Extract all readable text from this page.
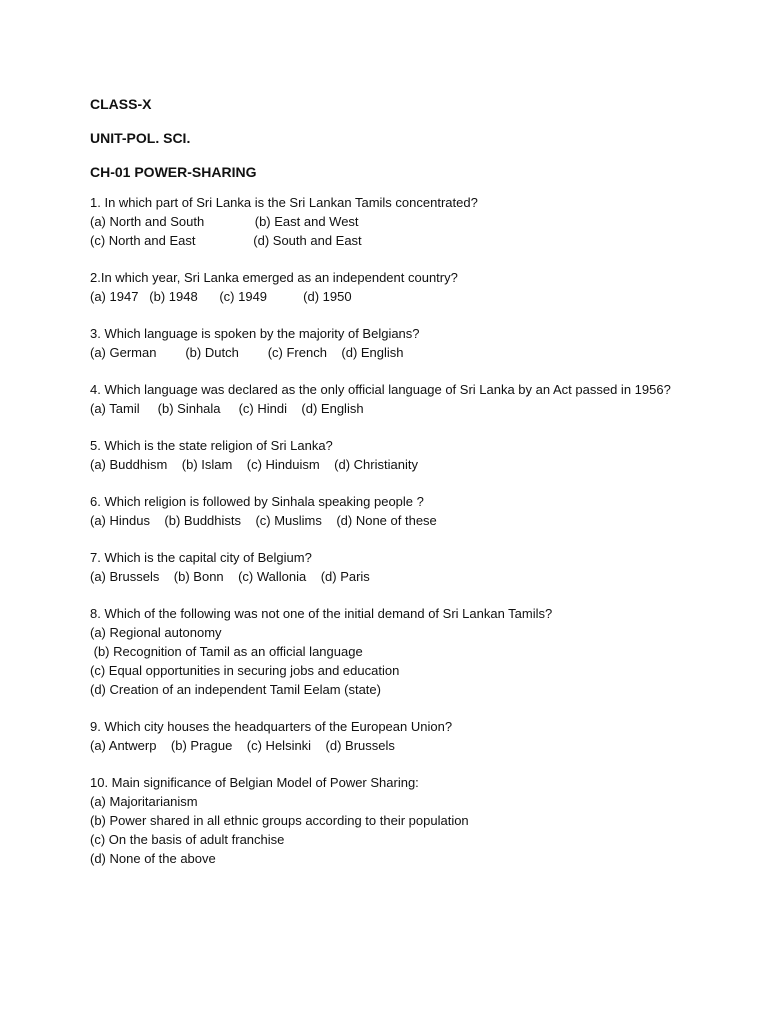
CLASS-X
UNIT-POL. SCI.
CH-01 POWER-SHARING
1. In which part of Sri Lanka is the Sri Lankan Tamils concentrated?
(a) North and South              (b) East and West
(c) North and East                (d) South and East
2.In which year, Sri Lanka emerged as an independent country?
(a) 1947   (b) 1948      (c) 1949          (d) 1950
3. Which language is spoken by the majority of Belgians?
(a) German        (b) Dutch        (c) French    (d) English
4. Which language was declared as the only official language of Sri Lanka by an Act passed in 1956?
(a) Tamil     (b) Sinhala     (c) Hindi    (d) English
5. Which is the state religion of Sri Lanka?
(a) Buddhism    (b) Islam    (c) Hinduism    (d) Christianity
6. Which religion is followed by Sinhala speaking people ?
(a) Hindus    (b) Buddhists    (c) Muslims    (d) None of these
7. Which is the capital city of Belgium?
(a) Brussels    (b) Bonn    (c) Wallonia    (d) Paris
8. Which of the following was not one of the initial demand of Sri Lankan Tamils?
(a) Regional autonomy
(b) Recognition of Tamil as an official language
(c) Equal opportunities in securing jobs and education
(d) Creation of an independent Tamil Eelam (state)
9. Which city houses the headquarters of the European Union?
(a) Antwerp    (b) Prague    (c) Helsinki    (d) Brussels
10. Main significance of Belgian Model of Power Sharing:
(a) Majoritarianism
(b) Power shared in all ethnic groups according to their population
(c) On the basis of adult franchise
(d) None of the above
